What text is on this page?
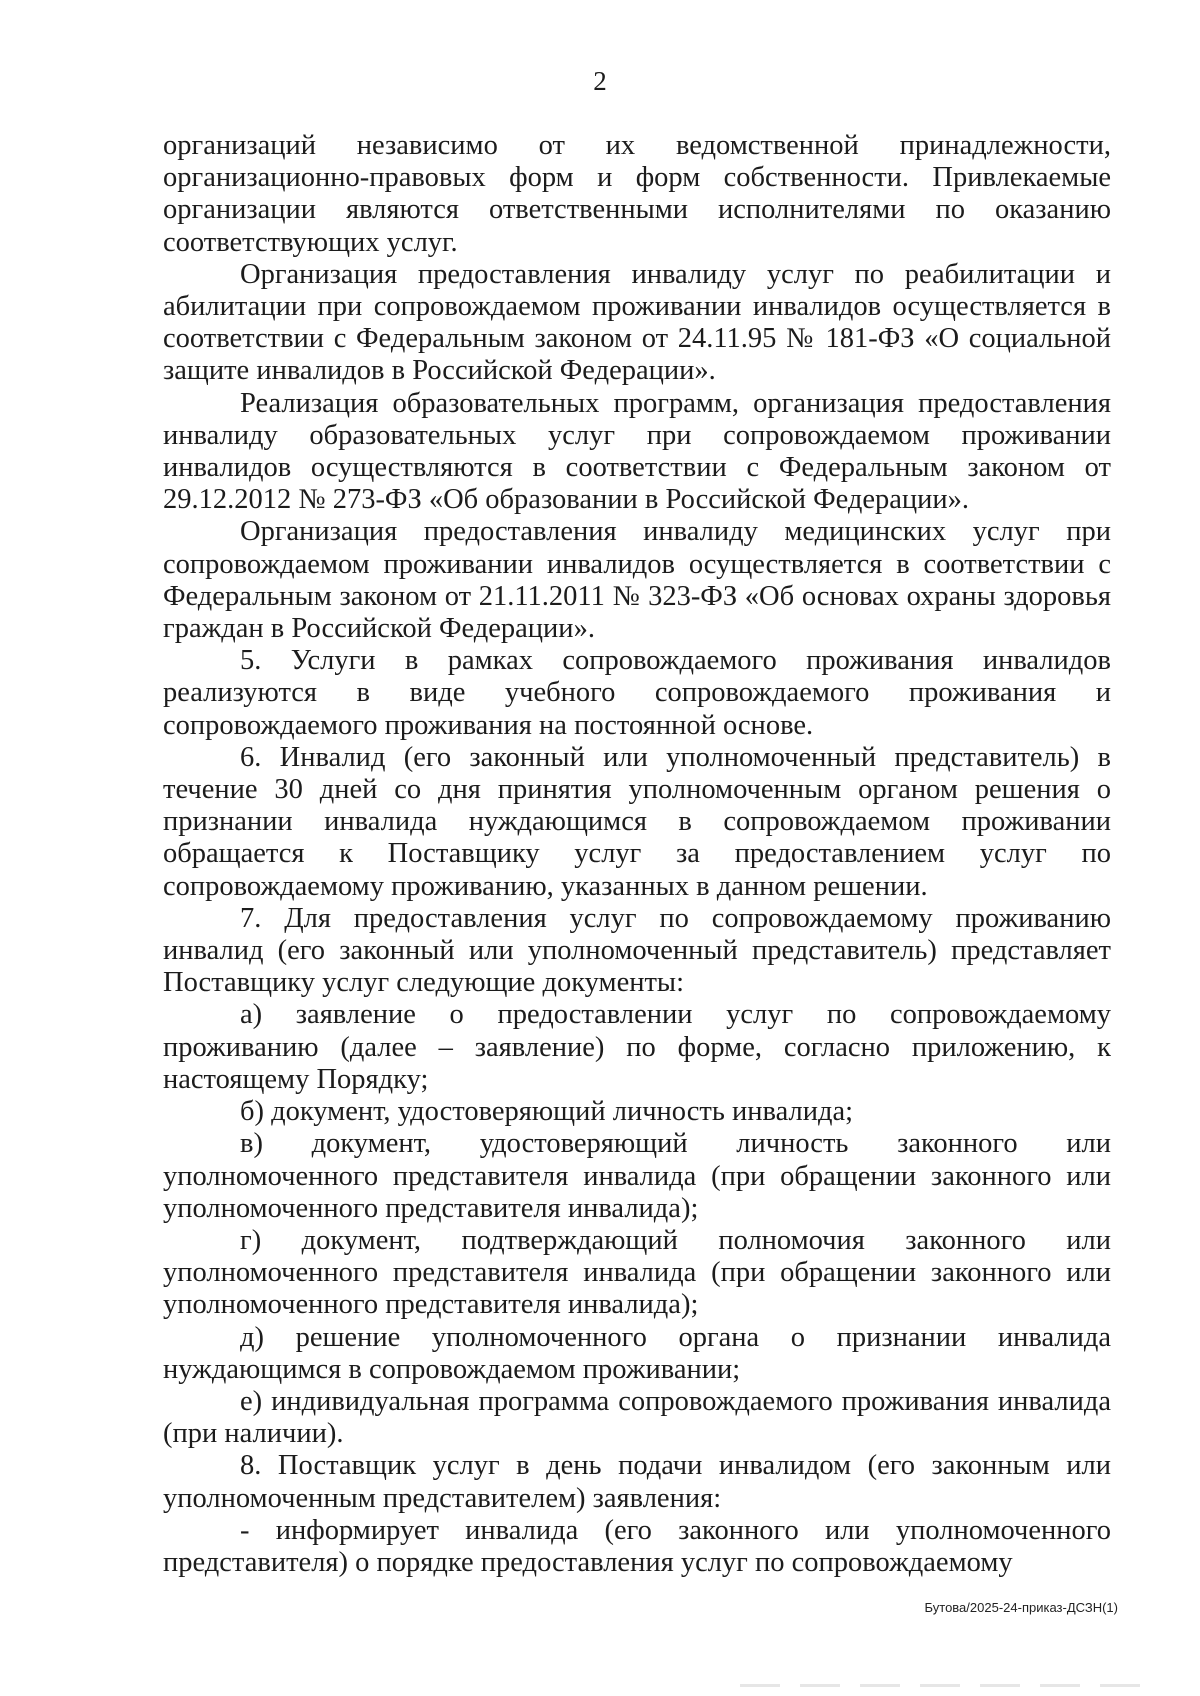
2

организаций независимо от их ведомственной принадлежности, организационно-правовых форм и форм собственности. Привлекаемые организации являются ответственными исполнителями по оказанию соответствующих услуг.

Организация предоставления инвалиду услуг по реабилитации и абилитации при сопровождаемом проживании инвалидов осуществляется в соответствии с Федеральным законом от 24.11.95 № 181-ФЗ «О социальной защите инвалидов в Российской Федерации».

Реализация образовательных программ, организация предоставления инвалиду образовательных услуг при сопровождаемом проживании инвалидов осуществляются в соответствии с Федеральным законом от 29.12.2012 № 273-ФЗ «Об образовании в Российской Федерации».

Организация предоставления инвалиду медицинских услуг при сопровождаемом проживании инвалидов осуществляется в соответствии с Федеральным законом от 21.11.2011 № 323-ФЗ «Об основах охраны здоровья граждан в Российской Федерации».

5. Услуги в рамках сопровождаемого проживания инвалидов реализуются в виде учебного сопровождаемого проживания и сопровождаемого проживания на постоянной основе.

6. Инвалид (его законный или уполномоченный представитель) в течение 30 дней со дня принятия уполномоченным органом решения о признании инвалида нуждающимся в сопровождаемом проживании обращается к Поставщику услуг за предоставлением услуг по сопровождаемому проживанию, указанных в данном решении.

7. Для предоставления услуг по сопровождаемому проживанию инвалид (его законный или уполномоченный представитель) представляет Поставщику услуг следующие документы:

а) заявление о предоставлении услуг по сопровождаемому проживанию (далее – заявление) по форме, согласно приложению, к настоящему Порядку;

б) документ, удостоверяющий личность инвалида;

в) документ, удостоверяющий личность законного или уполномоченного представителя инвалида (при обращении законного или уполномоченного представителя инвалида);

г) документ, подтверждающий полномочия законного или уполномоченного представителя инвалида (при обращении законного или уполномоченного представителя инвалида);

д) решение уполномоченного органа о признании инвалида нуждающимся в сопровождаемом проживании;

е) индивидуальная программа сопровождаемого проживания инвалида (при наличии).

8. Поставщик услуг в день подачи инвалидом (его законным или уполномоченным представителем) заявления:

- информирует инвалида (его законного или уполномоченного представителя) о порядке предоставления услуг по сопровождаемому

Бутова/2025-24-приказ-ДСЗН(1)
